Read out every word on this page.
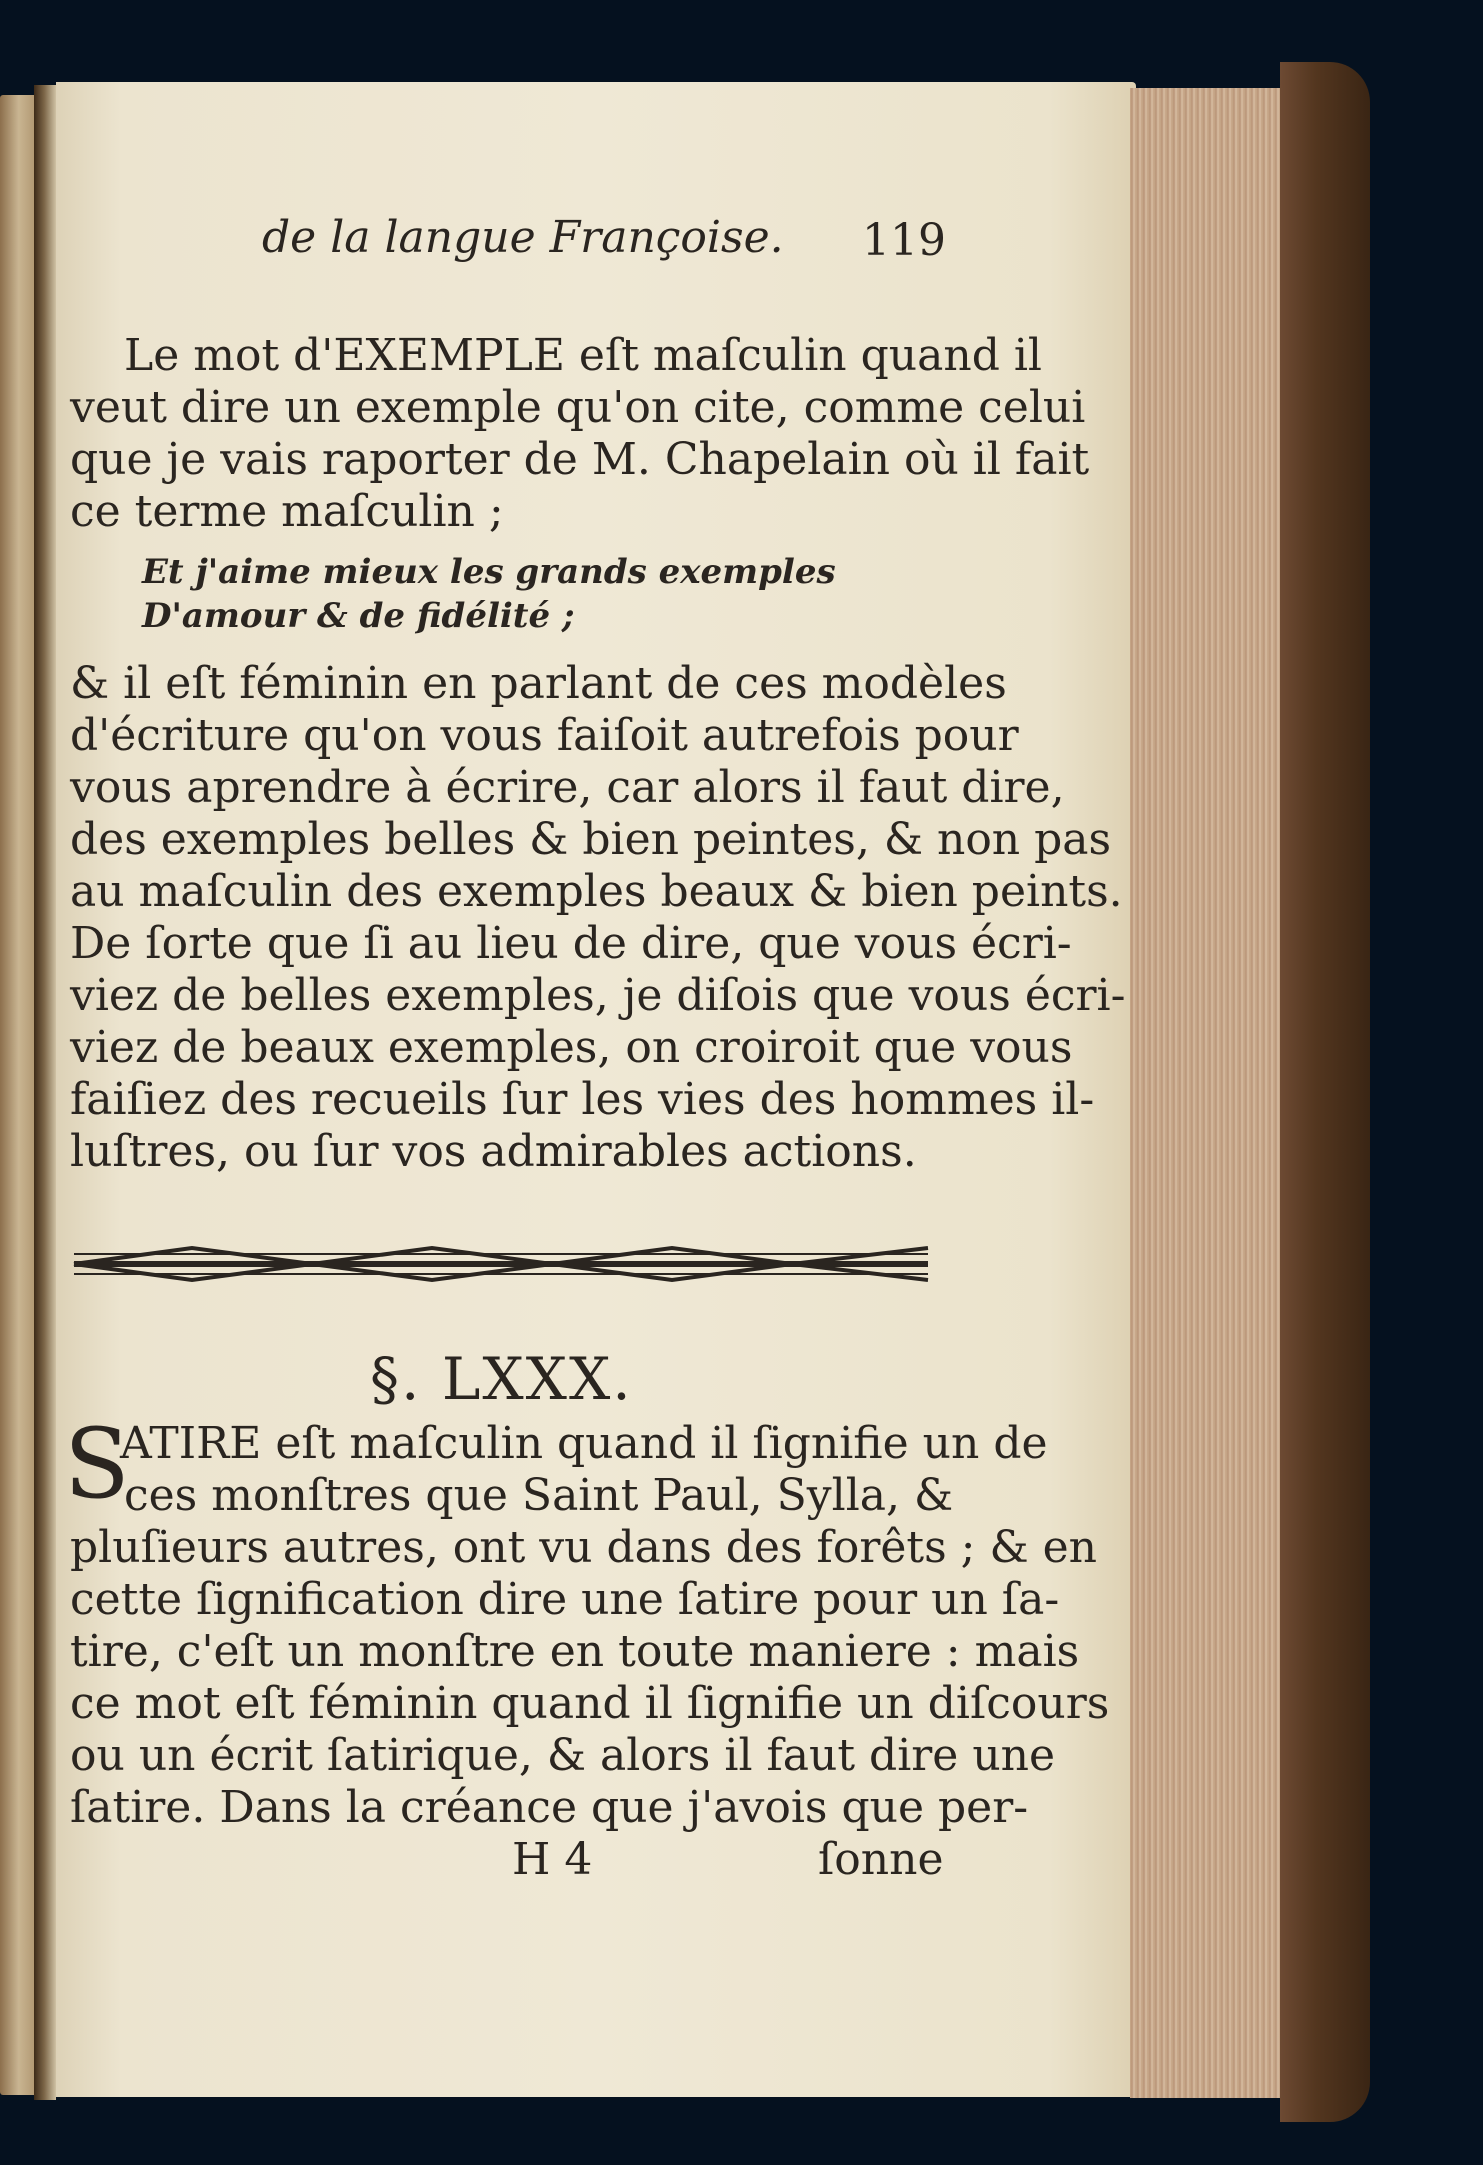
de la langue Françoise. 119
Le mot d'EXEMPLE eſt maſculin quand il
veut dire un exemple qu'on cite, comme celui
que je vais raporter de M. Chapelain où il fait
ce terme maſculin ;
Et j'aime mieux les grands exemples
D'amour & de fidélité ;
& il eſt féminin en parlant de ces modèles
d'écriture qu'on vous faiſoit autrefois pour
vous aprendre à écrire, car alors il faut dire,
des exemples belles & bien peintes, & non pas
au maſculin des exemples beaux & bien peints.
De ſorte que ſi au lieu de dire, que vous écri-
viez de belles exemples, je diſois que vous écri-
viez de beaux exemples, on croiroit que vous
faiſiez des recueils ſur les vies des hommes il-
luſtres, ou ſur vos admirables actions.
§. LXXX.
S
ATIRE eſt maſculin quand il ſignifie un de
ces monſtres que Saint Paul, Sylla, &
pluſieurs autres, ont vu dans des forêts ; & en
cette ſignification dire une ſatire pour un ſa-
tire, c'eſt un monſtre en toute maniere : mais
ce mot eſt féminin quand il ſignifie un diſcours
ou un écrit ſatirique, & alors il faut dire une
ſatire. Dans la créance que j'avois que per-
H 4	ſonne
